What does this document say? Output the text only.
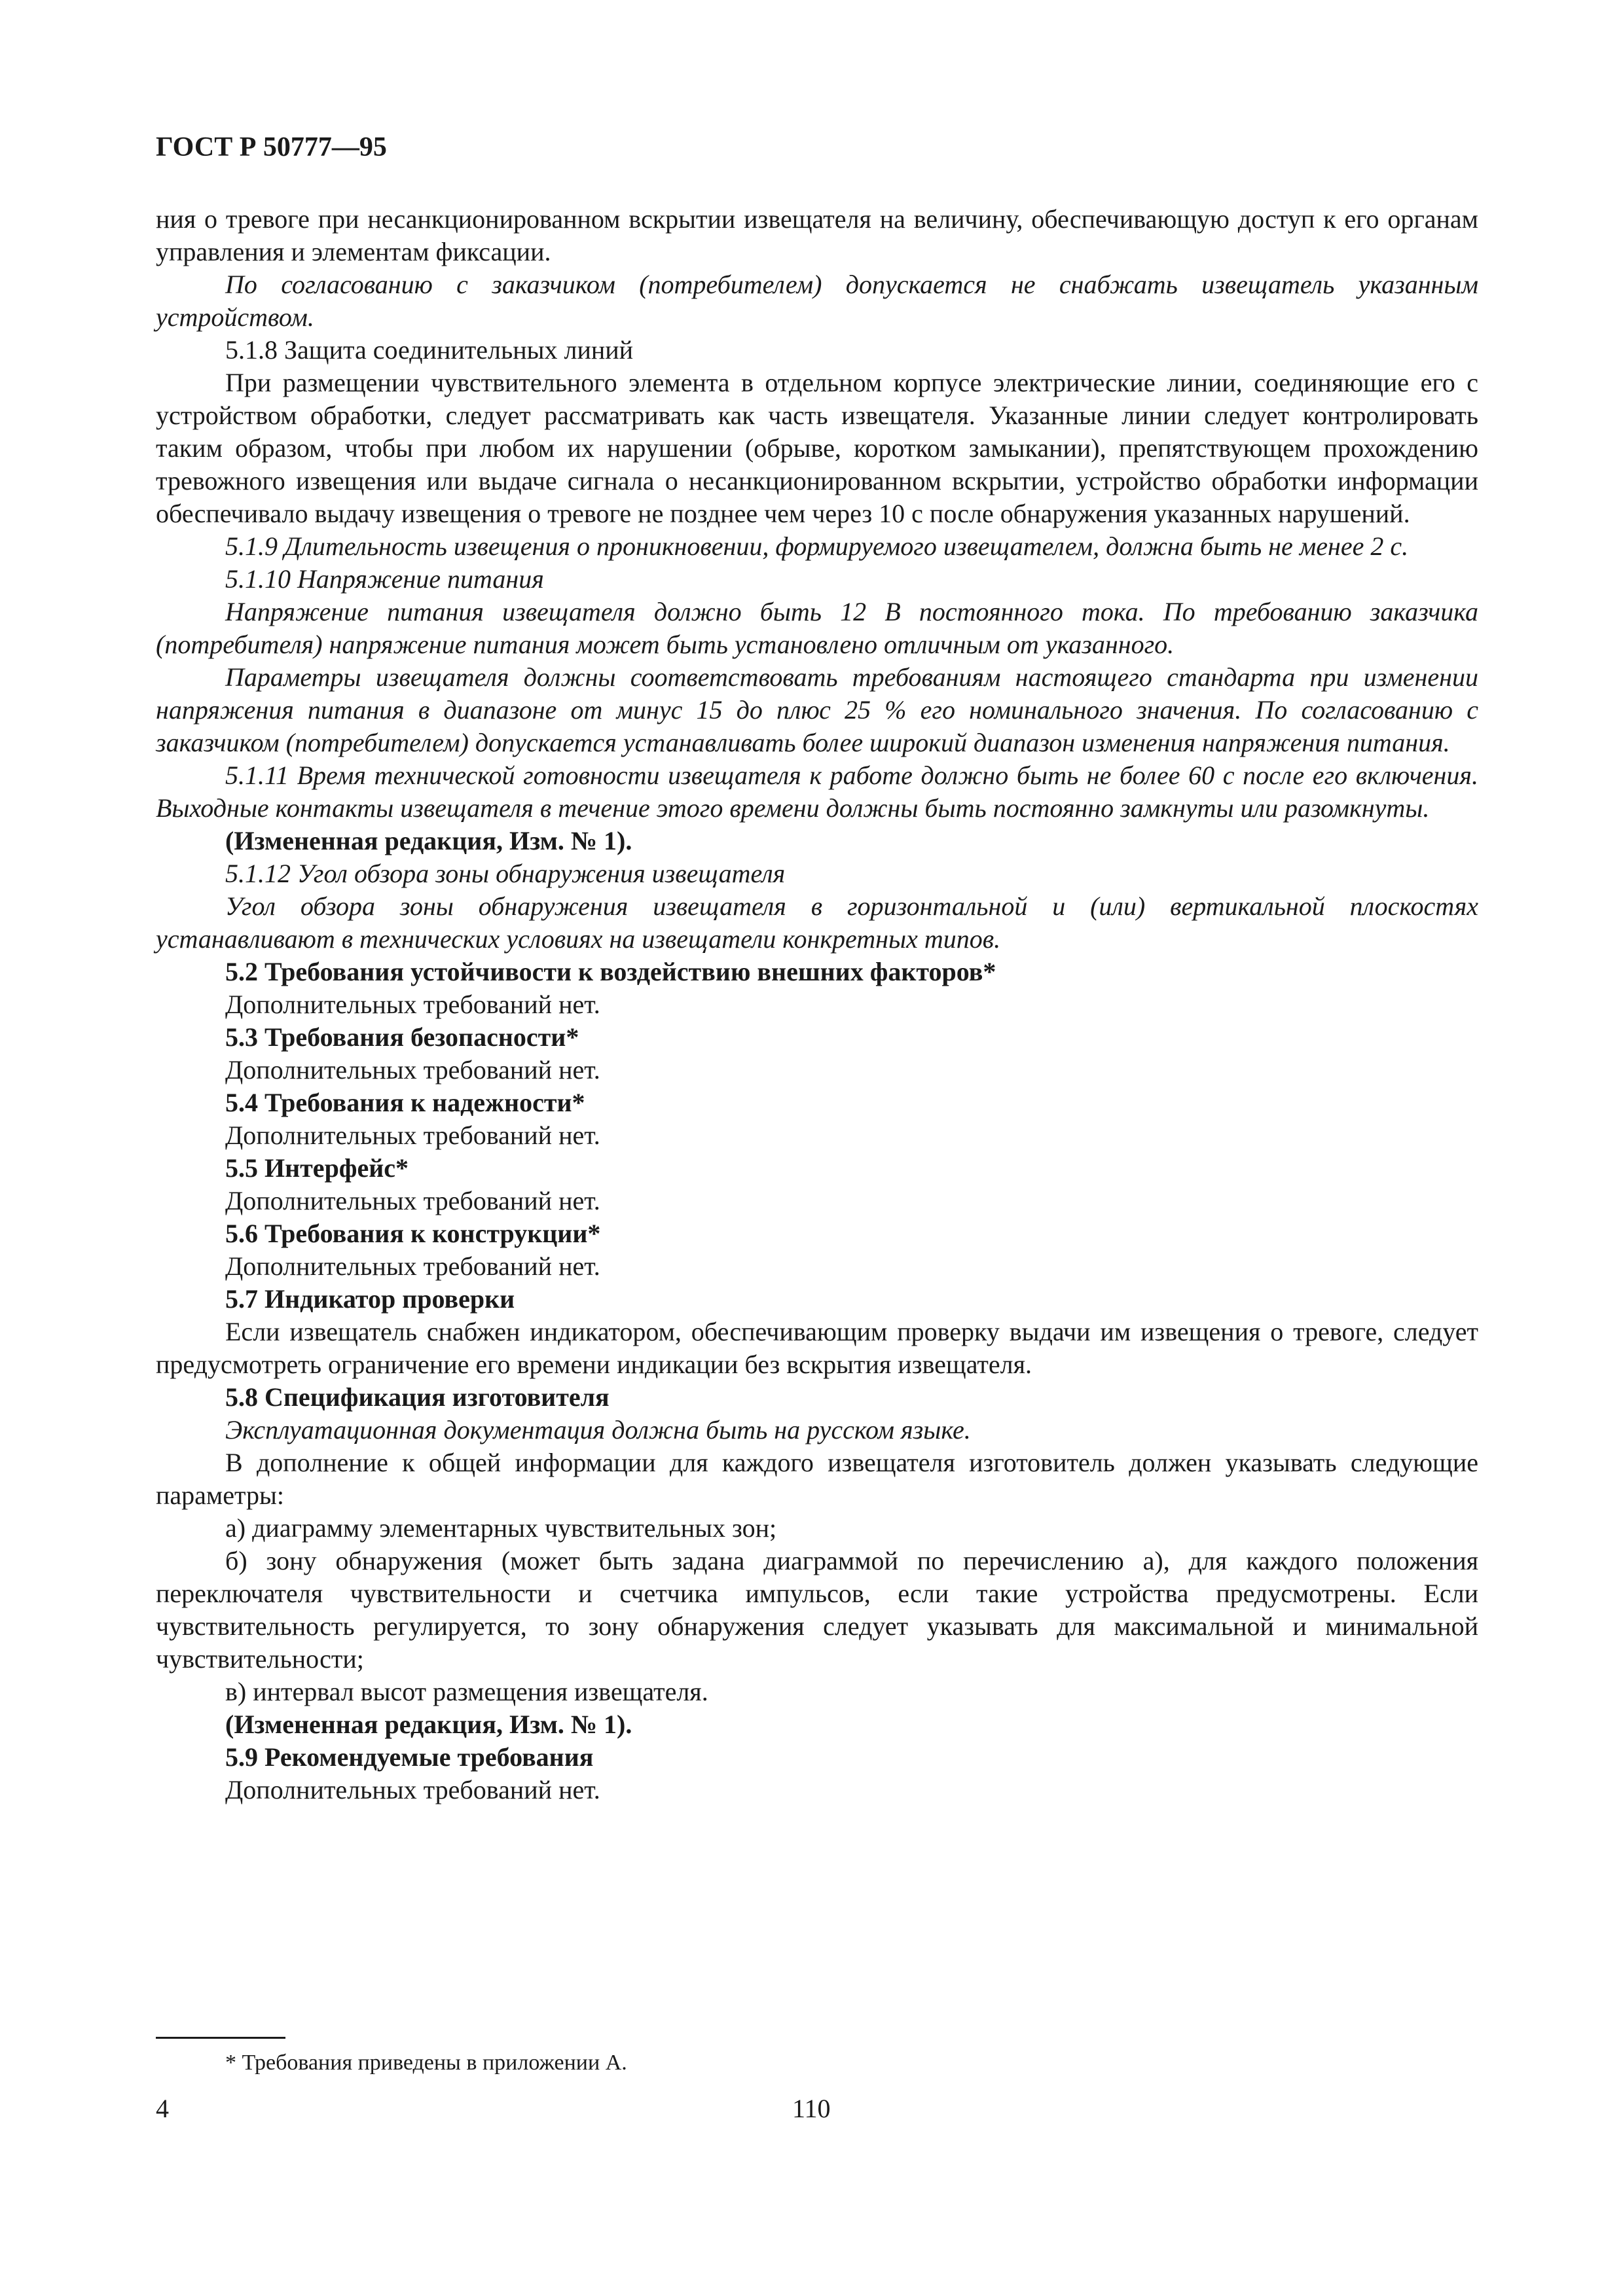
ГОСТ Р 50777—95

ния о тревоге при несанкционированном вскрытии извещателя на величину, обеспечивающую доступ к его органам управления и элементам фиксации.

По согласованию с заказчиком (потребителем) допускается не снабжать извещатель указанным устройством.

5.1.8 Защита соединительных линий

При размещении чувствительного элемента в отдельном корпусе электрические линии, соединяющие его с устройством обработки, следует рассматривать как часть извещателя. Указанные линии следует контролировать таким образом, чтобы при любом их нарушении (обрыве, коротком замыкании), препятствующем прохождению тревожного извещения или выдаче сигнала о несанкционированном вскрытии, устройство обработки информации обеспечивало выдачу извещения о тревоге не позднее чем через 10 с после обнаружения указанных нарушений.

5.1.9 Длительность извещения о проникновении, формируемого извещателем, должна быть не менее 2 с.

5.1.10 Напряжение питания

Напряжение питания извещателя должно быть 12 В постоянного тока. По требованию заказчика (потребителя) напряжение питания может быть установлено отличным от указанного.

Параметры извещателя должны соответствовать требованиям настоящего стандарта при изменении напряжения питания в диапазоне от минус 15 до плюс 25 % его номинального значения. По согласованию с заказчиком (потребителем) допускается устанавливать более широкий диапазон изменения напряжения питания.

5.1.11 Время технической готовности извещателя к работе должно быть не более 60 с после его включения. Выходные контакты извещателя в течение этого времени должны быть постоянно замкнуты или разомкнуты.

(Измененная редакция, Изм. № 1).

5.1.12 Угол обзора зоны обнаружения извещателя

Угол обзора зоны обнаружения извещателя в горизонтальной и (или) вертикальной плоскостях устанавливают в технических условиях на извещатели конкретных типов.

5.2 Требования устойчивости к воздействию внешних факторов*

Дополнительных требований нет.

5.3 Требования безопасности*

Дополнительных требований нет.

5.4 Требования к надежности*

Дополнительных требований нет.

5.5 Интерфейс*

Дополнительных требований нет.

5.6 Требования к конструкции*

Дополнительных требований нет.

5.7 Индикатор проверки

Если извещатель снабжен индикатором, обеспечивающим проверку выдачи им извещения о тревоге, следует предусмотреть ограничение его времени индикации без вскрытия извещателя.

5.8 Спецификация изготовителя

Эксплуатационная документация должна быть на русском языке.

В дополнение к общей информации для каждого извещателя изготовитель должен указывать следующие параметры:

а) диаграмму элементарных чувствительных зон;

б) зону обнаружения (может быть задана диаграммой по перечислению а), для каждого положения переключателя чувствительности и счетчика импульсов, если такие устройства предусмотрены. Если чувствительность регулируется, то зону обнаружения следует указывать для максимальной и минимальной чувствительности;

в) интервал высот размещения извещателя.

(Измененная редакция, Изм. № 1).

5.9 Рекомендуемые требования

Дополнительных требований нет.

* Требования приведены в приложении А.
4	110
